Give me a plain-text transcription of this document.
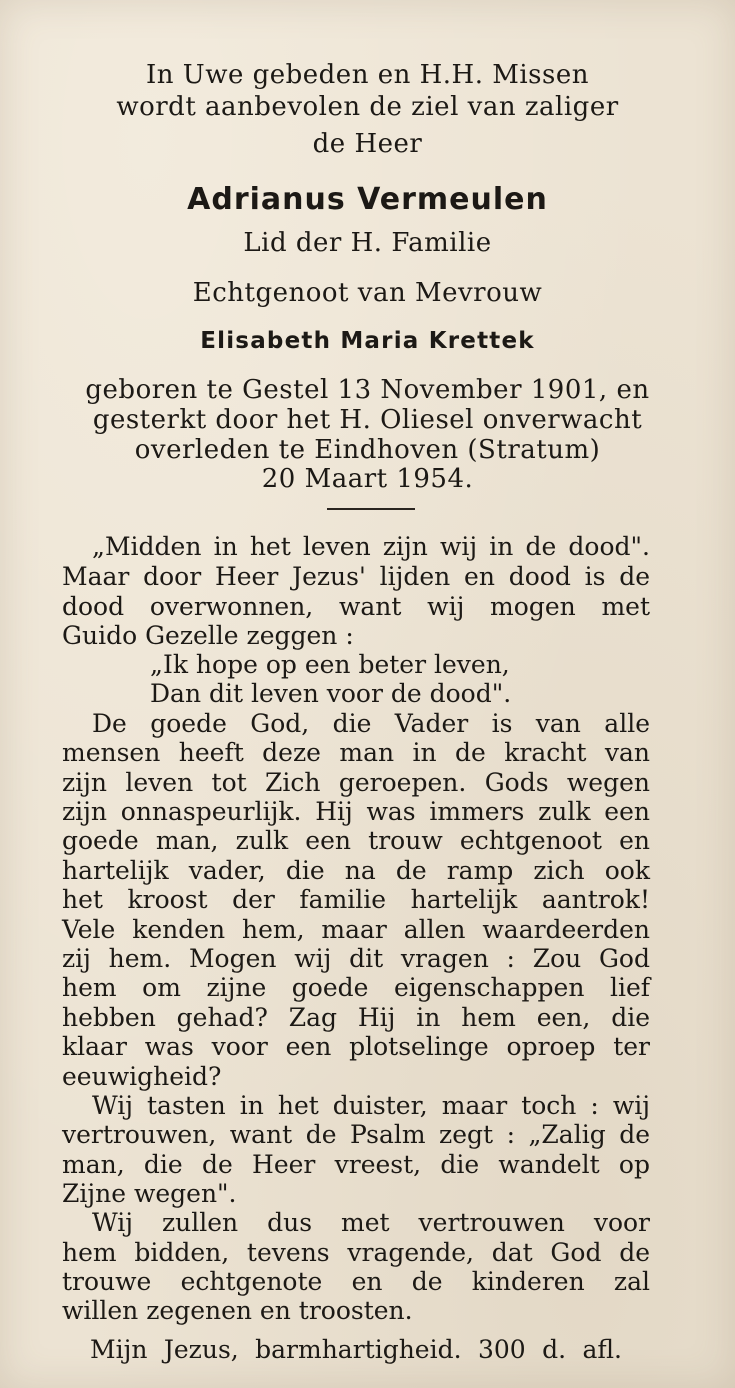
In Uwe gebeden en H.H. Missen

wordt aanbevolen de ziel van zaliger

de Heer

Adrianus Vermeulen

Lid der H. Familie

Echtgenoot van Mevrouw

Elisabeth Maria Krettek

geboren te Gestel 13 November 1901, en

gesterkt door het H. Oliesel onverwacht

overleden te Eindhoven (Stratum)

20 Maart 1954.

„Midden in het leven zijn wij in de dood".

Maar door Heer Jezus' lijden en dood is de

dood overwonnen, want wij mogen met

Guido Gezelle zeggen :

„Ik hope op een beter leven,

Dan dit leven voor de dood".

De goede God, die Vader is van alle

mensen heeft deze man in de kracht van

zijn leven tot Zich geroepen. Gods wegen

zijn onnaspeurlijk. Hij was immers zulk een

goede man, zulk een trouw echtgenoot en

hartelijk vader, die na de ramp zich ook

het kroost der familie hartelijk aantrok!

Vele kenden hem, maar allen waardeerden

zij hem. Mogen wij dit vragen : Zou God

hem om zijne goede eigenschappen lief

hebben gehad? Zag Hij in hem een, die

klaar was voor een plotselinge oproep ter

eeuwigheid?

Wij tasten in het duister, maar toch : wij

vertrouwen, want de Psalm zegt : „Zalig de

man, die de Heer vreest, die wandelt op

Zijne wegen".

Wij zullen dus met vertrouwen voor

hem bidden, tevens vragende, dat God de

trouwe echtgenote en de kinderen zal

willen zegenen en troosten.

Mijn Jezus, barmhartigheid. 300 d. afl.
